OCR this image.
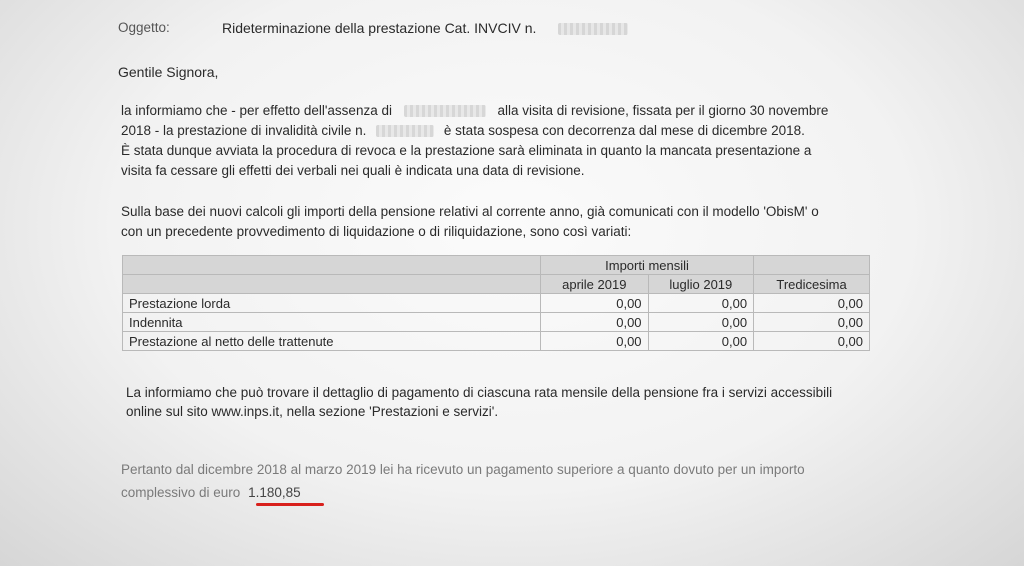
Oggetto:	Rideterminazione della prestazione Cat. INVCIV n.
Gentile Signora,
la informiamo che - per effetto dell'assenza di	alla visita di revisione, fissata per il giorno 30 novembre
2018 - la prestazione di invalidità civile n.	è stata sospesa con decorrenza dal mese di dicembre 2018.
È stata dunque avviata la procedura di revoca e la prestazione sarà eliminata in quanto la mancata presentazione a
visita fa cessare gli effetti dei verbali nei quali è indicata una data di revisione.
Sulla base dei nuovi calcoli gli importi della pensione relativi al corrente anno, già comunicati con il modello 'ObisM' o
con un precedente provvedimento di liquidazione o di riliquidazione, sono così variati:
	Importi mensili		
	aprile 2019	luglio 2019	Tredicesima
Prestazione lorda	0,00	0,00	0,00
Indennita	0,00	0,00	0,00
Prestazione al netto delle trattenute	0,00	0,00	0,00
La informiamo che può trovare il dettaglio di pagamento di ciascuna rata mensile della pensione fra i servizi accessibili
online sul sito www.inps.it, nella sezione 'Prestazioni e servizi'.
Pertanto dal dicembre 2018 al marzo 2019 lei ha ricevuto un pagamento superiore a quanto dovuto per un importo
complessivo di euro 1.180,85
